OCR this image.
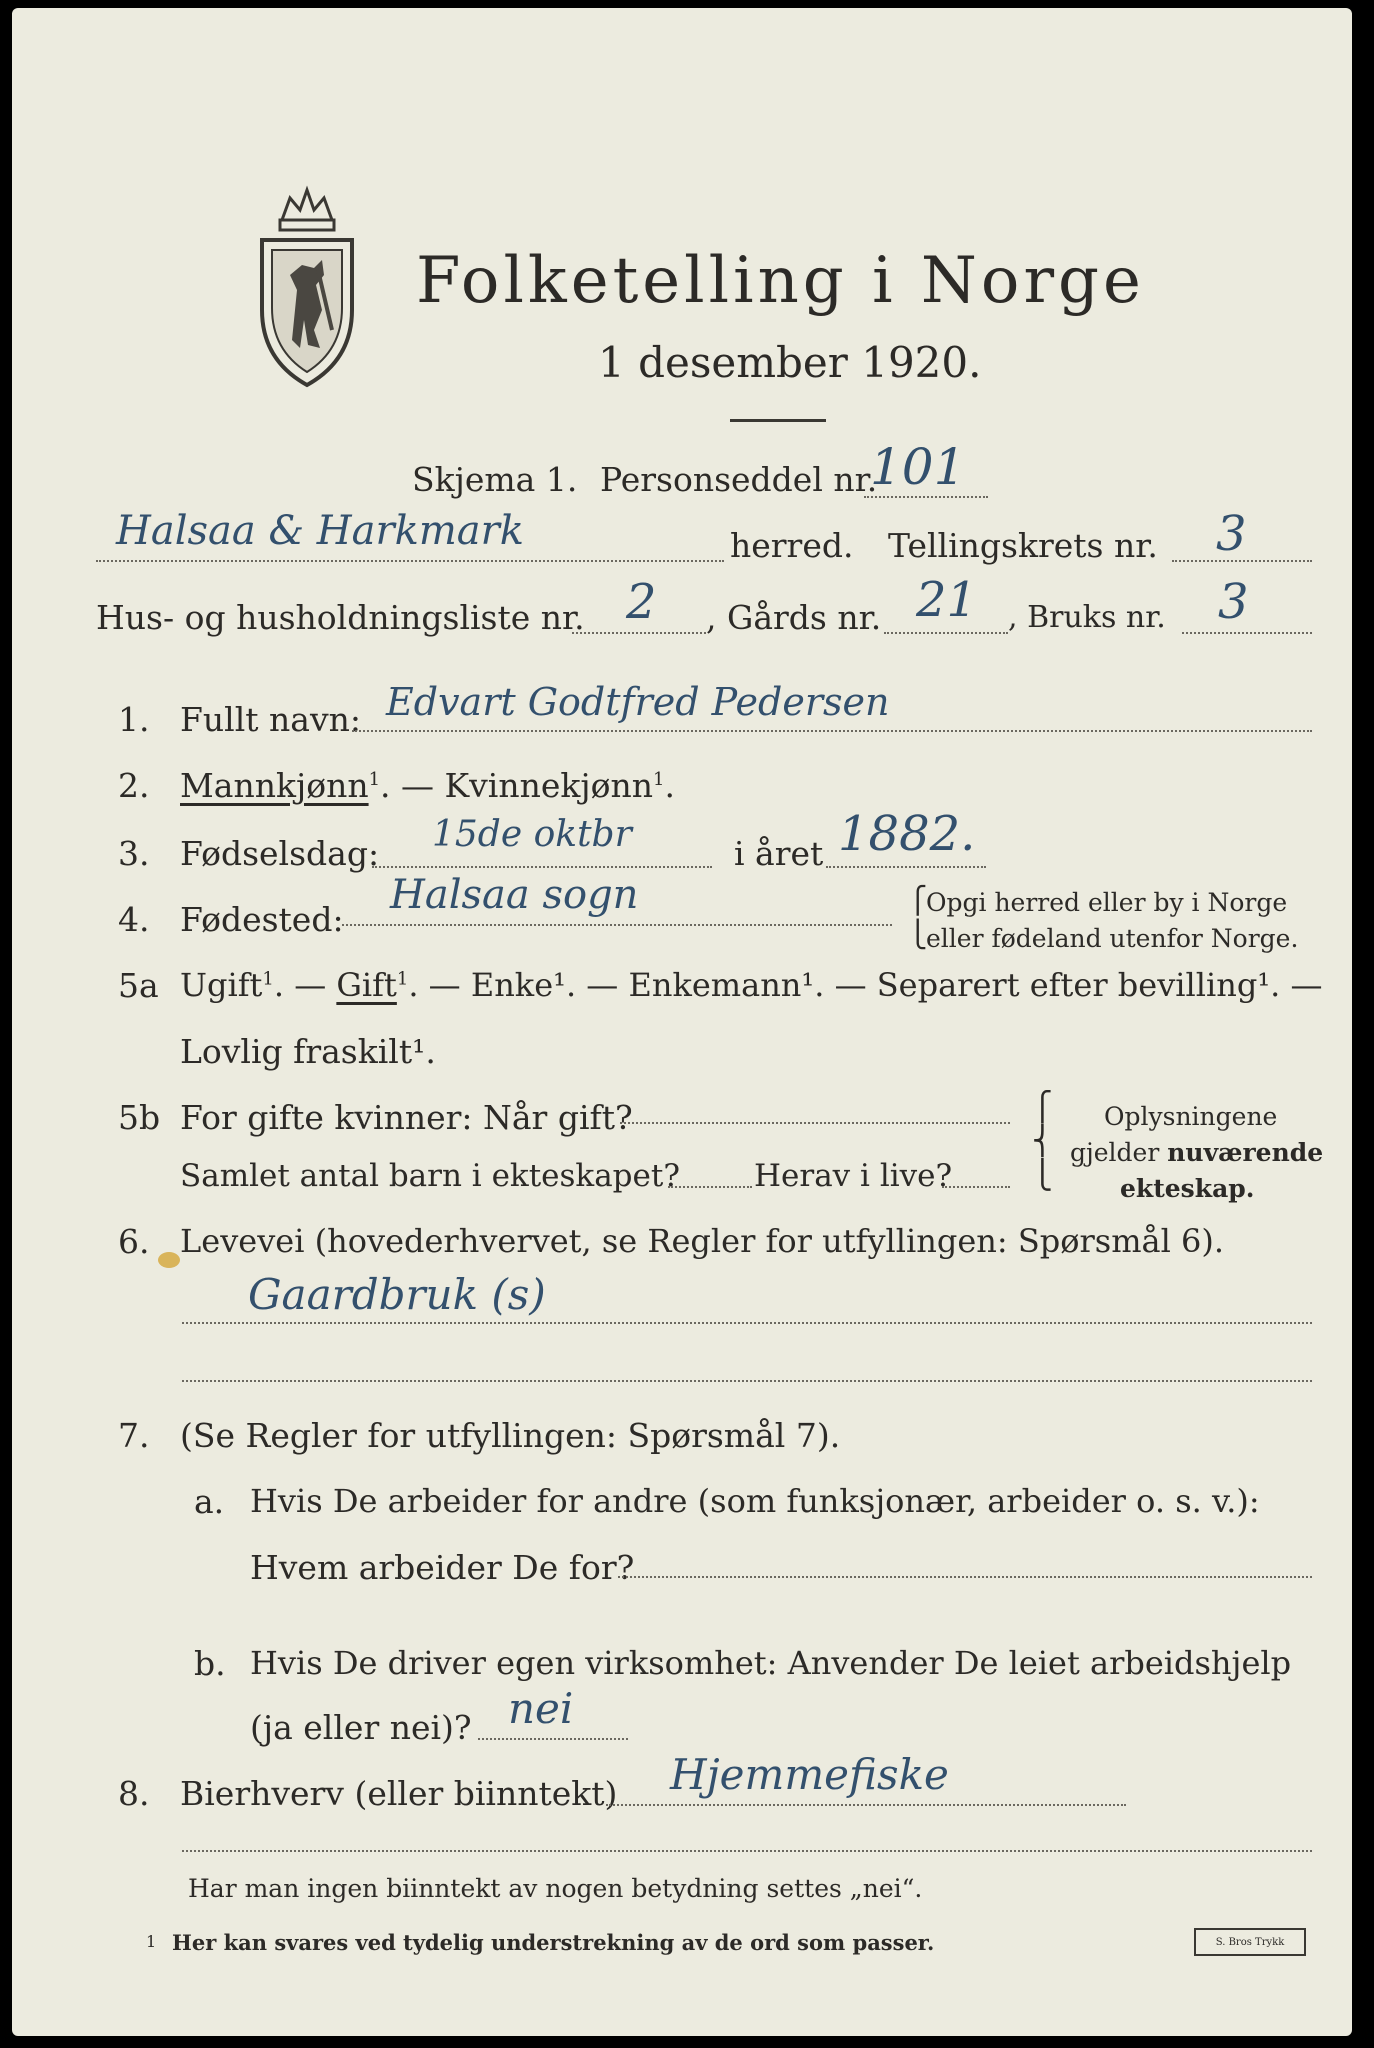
Folketelling i Norge
1 desember 1920.
Skjema 1. Personseddel nr.
101
Halsaa & Harkmark	herred. Tellingskrets nr. 3
Hus- og husholdningsliste nr. 2 , Gårds nr. 21 , Bruks nr. 3
1. Fullt navn: Edvart Godtfred Pedersen
2. Mannkjønn$^1$. — Kvinnekjønn$^1$.
3. Fødselsdag: 15de oktbr	i året 1882.
4. Fødested:
Halsaa sogn	⎧
⎩
Opgi herred eller by i Norge
eller fødeland utenfor Norge.
5a Ugift$^1$. — Gift$^1$. — Enke¹. — Enkemann¹. — Separert efter bevilling¹. —
Lovlig fraskilt¹.
5b For gifte kvinner: Når gift?
Samlet antal barn i ekteskapet? Herav i live?
⎧
⎨
⎩
Oplysningene
gjelder nuværende
ekteskap.
6. Levevei (hovederhvervet, se Regler for utfyllingen: Spørsmål 6).
Gaardbruk (s)
7. (Se Regler for utfyllingen: Spørsmål 7).
a. Hvis De arbeider for andre (som funksjonær, arbeider o. s. v.):
Hvem arbeider De for?
b. Hvis De driver egen virksomhet: Anvender De leiet arbeidshjelp
(ja eller nei)? nei
8. Bierhverv (eller biinntekt) Hjemmefiske
Har man ingen biinntekt av nogen betydning settes „nei“.
1 Her kan svares ved tydelig understrekning av de ord som passer.	S. Bros Trykk
